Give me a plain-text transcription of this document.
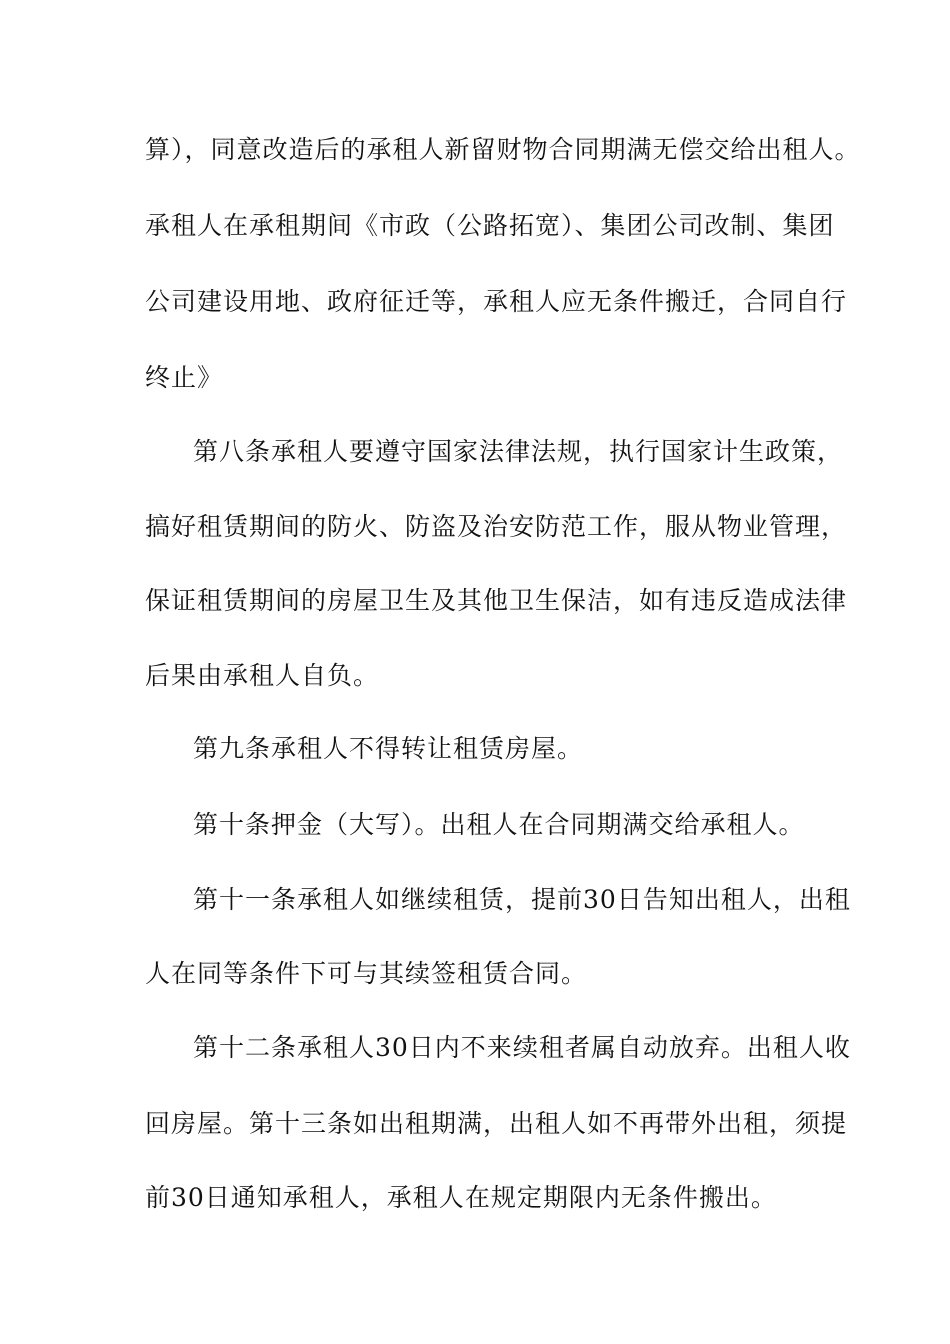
算），同意改造后的承租人新留财物合同期满无偿交给出租人。
承租人在承租期间《市政（公路拓宽）、集团公司改制、集团
公司建设用地、政府征迁等，承租人应无条件搬迁，合同自行
终止》
第八条承租人要遵守国家法律法规，执行国家计生政策，
搞好租赁期间的防火、防盗及治安防范工作，服从物业管理，
保证租赁期间的房屋卫生及其他卫生保洁，如有违反造成法律
后果由承租人自负。
第九条承租人不得转让租赁房屋。
第十条押金（大写）。出租人在合同期满交给承租人。
第十一条承租人如继续租赁，提前30日告知出租人，出租
人在同等条件下可与其续签租赁合同。
第十二条承租人30日内不来续租者属自动放弃。出租人收
回房屋。第十三条如出租期满，出租人如不再带外出租，须提
前30日通知承租人，承租人在规定期限内无条件搬出。
